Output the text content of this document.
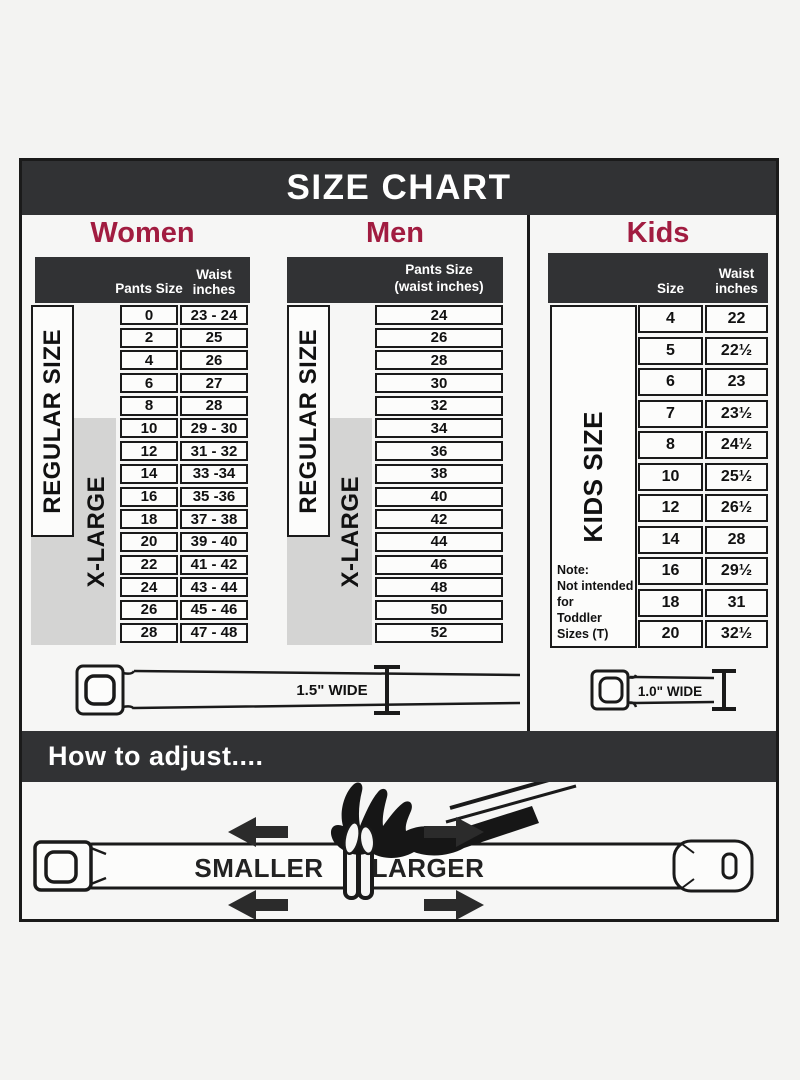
SIZE CHART
Women	Men
Pants Size
Waist
inches
REGULAR SIZE
X-LARGE
0	23 - 24
2	25
4	26
6	27
8	28
10	29 - 30
12	31 - 32
14	33 -34
16	35 -36
18	37 - 38
20	39 - 40
22	41 - 42
24	43 - 44
26	45 - 46
28	47 - 48
Pants Size
(waist inches)
REGULAR SIZE
X-LARGE
24
26
28
30
32
34
36
38
40
42
44
46
48
50
52
1.5" WIDE
Kids
Size
Waist
inches
KIDS SIZE
Note:
Not intended for
Toddler Sizes (T)
4	22
5	22½
6	23
7	23½
8	24½
10	25½
12	26½
14	28
16	29½
18	31
20	32½
1.0" WIDE
How to adjust....
SMALLER LARGER
